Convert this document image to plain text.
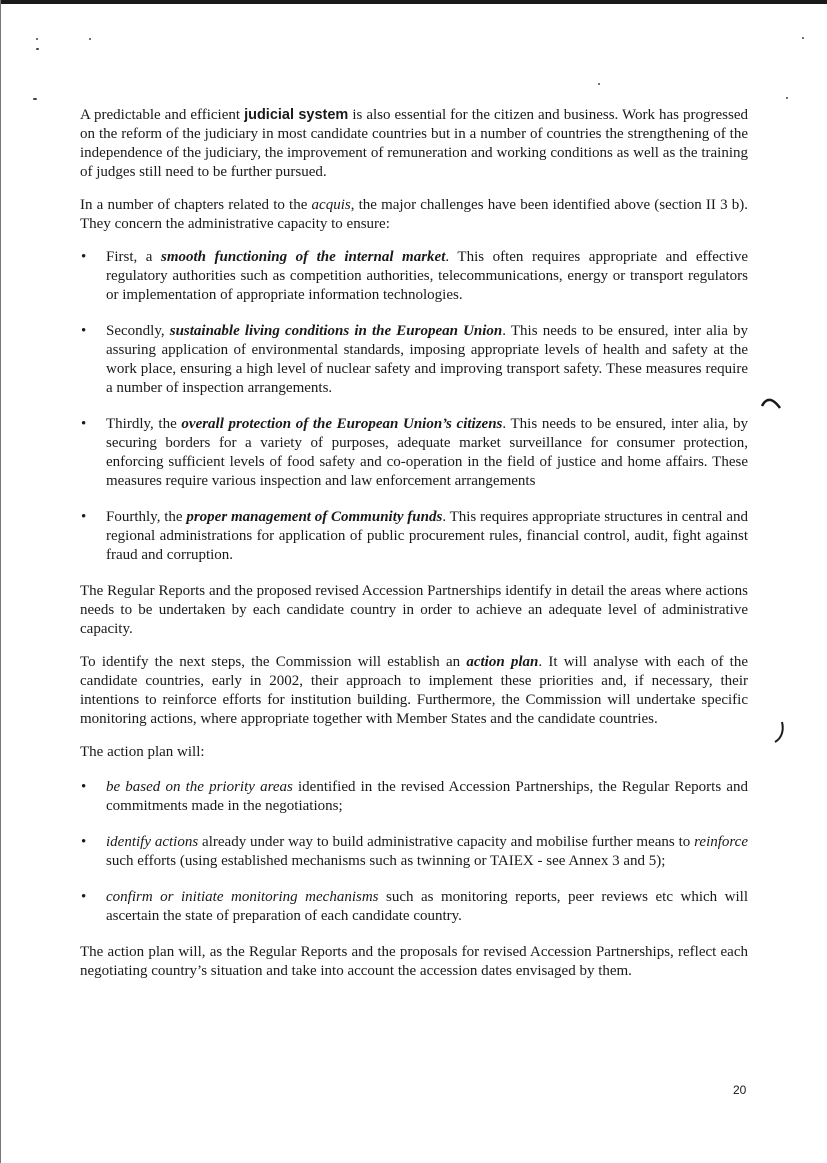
A predictable and efficient judicial system is also essential for the citizen and business. Work has progressed on the reform of the judiciary in most candidate countries but in a number of countries the strengthening of the independence of the judiciary, the improvement of remuneration and working conditions as well as the training of judges still need to be further pursued.

In a number of chapters related to the acquis, the major challenges have been identified above (section II 3 b). They concern the administrative capacity to ensure:

• First, a smooth functioning of the internal market. This often requires appropriate and effective regulatory authorities such as competition authorities, telecommunications, energy or transport regulators or implementation of appropriate information technologies.
• Secondly, sustainable living conditions in the European Union. This needs to be ensured, inter alia by assuring application of environmental standards, imposing appropriate levels of health and safety at the work place, ensuring a high level of nuclear safety and improving transport safety. These measures require a number of inspection arrangements.
• Thirdly, the overall protection of the European Union’s citizens. This needs to be ensured, inter alia, by securing borders for a variety of purposes, adequate market surveillance for consumer protection, enforcing sufficient levels of food safety and co-operation in the field of justice and home affairs. These measures require various inspection and law enforcement arrangements
• Fourthly, the proper management of Community funds. This requires appropriate structures in central and regional administrations for application of public procurement rules, financial control, audit, fight against fraud and corruption.

The Regular Reports and the proposed revised Accession Partnerships identify in detail the areas where actions needs to be undertaken by each candidate country in order to achieve an adequate level of administrative capacity.

To identify the next steps, the Commission will establish an action plan. It will analyse with each of the candidate countries, early in 2002, their approach to implement these priorities and, if necessary, their intentions to reinforce efforts for institution building. Furthermore, the Commission will undertake specific monitoring actions, where appropriate together with Member States and the candidate countries.

The action plan will:

• be based on the priority areas identified in the revised Accession Partnerships, the Regular Reports and commitments made in the negotiations;
• identify actions already under way to build administrative capacity and mobilise further means to reinforce such efforts (using established mechanisms such as twinning or TAIEX - see Annex 3 and 5);
• confirm or initiate monitoring mechanisms such as monitoring reports, peer reviews etc which will ascertain the state of preparation of each candidate country.

The action plan will, as the Regular Reports and the proposals for revised Accession Partnerships, reflect each negotiating country’s situation and take into account the accession dates envisaged by them.

20
